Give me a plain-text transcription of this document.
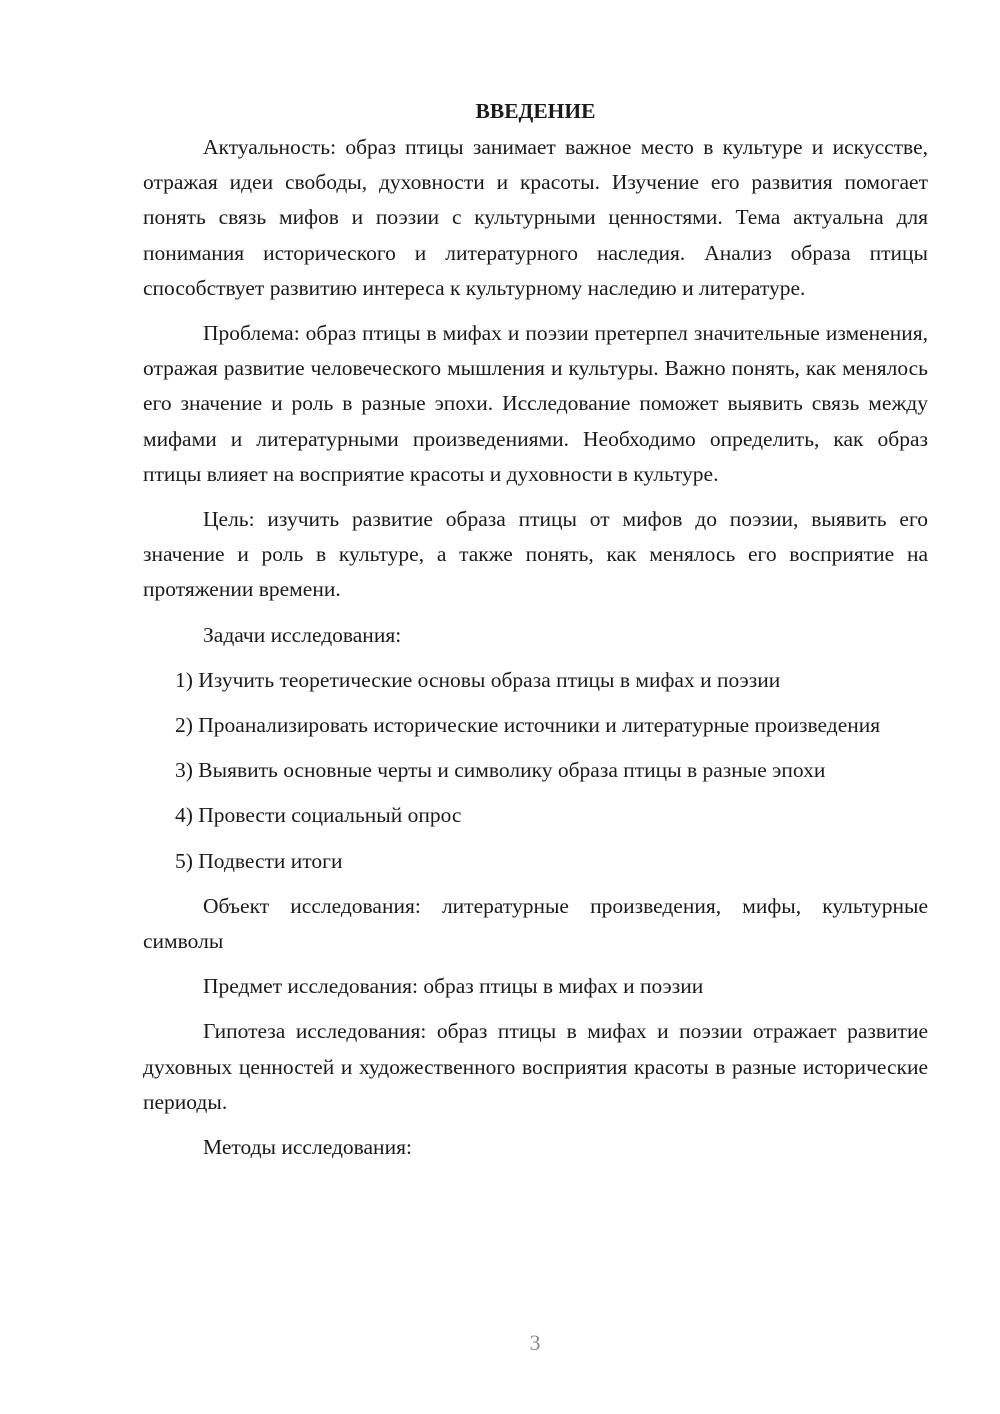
ВВЕДЕНИЕ

Актуальность: образ птицы занимает важное место в культуре и искусстве, отражая идеи свободы, духовности и красоты. Изучение его развития помогает понять связь мифов и поэзии с культурными ценностями. Тема актуальна для понимания исторического и литературного наследия. Анализ образа птицы способствует развитию интереса к культурному наследию и литературе.

Проблема: образ птицы в мифах и поэзии претерпел значительные изменения, отражая развитие человеческого мышления и культуры. Важно понять, как менялось его значение и роль в разные эпохи. Исследование поможет выявить связь между мифами и литературными произведениями. Необходимо определить, как образ птицы влияет на восприятие красоты и духовности в культуре.

Цель: изучить развитие образа птицы от мифов до поэзии, выявить его значение и роль в культуре, а также понять, как менялось его восприятие на протяжении времени.

Задачи исследования:

1) Изучить теоретические основы образа птицы в мифах и поэзии

2) Проанализировать исторические источники и литературные произведения

3) Выявить основные черты и символику образа птицы в разные эпохи

4) Провести социальный опрос

5) Подвести итоги

Объект исследования: литературные произведения, мифы, культурные символы

Предмет исследования: образ птицы в мифах и поэзии

Гипотеза исследования: образ птицы в мифах и поэзии отражает развитие духовных ценностей и художественного восприятия красоты в разные исторические периоды.

Методы исследования:

3
